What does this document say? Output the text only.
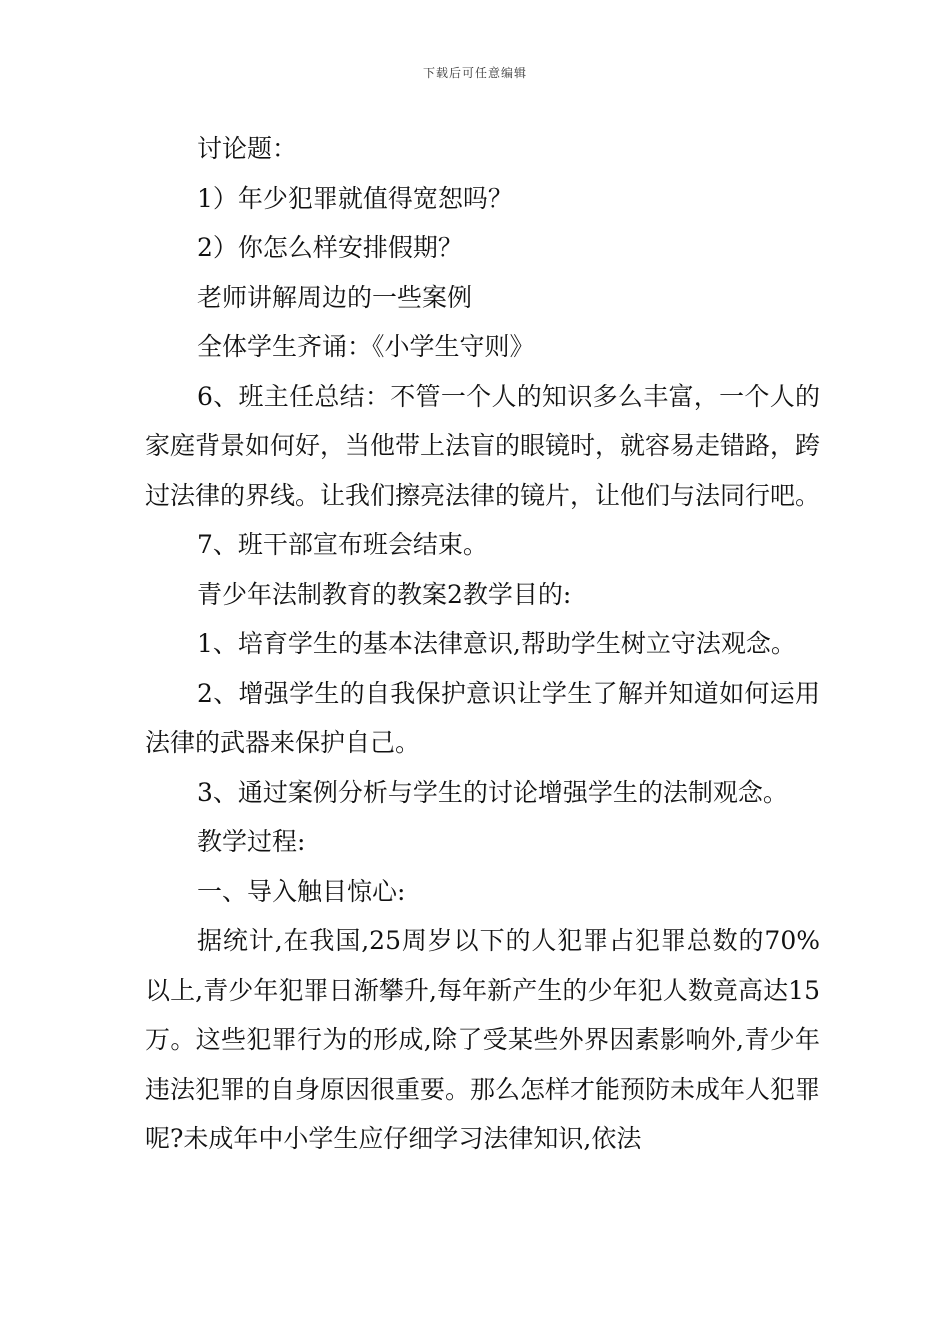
下载后可任意编辑

讨论题：

1）年少犯罪就值得宽恕吗？

2）你怎么样安排假期？

老师讲解周边的一些案例

全体学生齐诵：《小学生守则》

6、班主任总结：不管一个人的知识多么丰富，一个人的家庭背景如何好，当他带上法盲的眼镜时，就容易走错路，跨过法律的界线。让我们擦亮法律的镜片，让他们与法同行吧。

7、班干部宣布班会结束。

青少年法制教育的教案2教学目的:

1、培育学生的基本法律意识,帮助学生树立守法观念。

2、增强学生的自我保护意识让学生了解并知道如何运用法律的武器来保护自己。

3、通过案例分析与学生的讨论增强学生的法制观念。

教学过程:

一、导入触目惊心:

据统计,在我国,25周岁以下的人犯罪占犯罪总数的70%以上,青少年犯罪日渐攀升,每年新产生的少年犯人数竟高达15万。这些犯罪行为的形成,除了受某些外界因素影响外,青少年违法犯罪的自身原因很重要。那么怎样才能预防未成年人犯罪呢?未成年中小学生应仔细学习法律知识,依法
